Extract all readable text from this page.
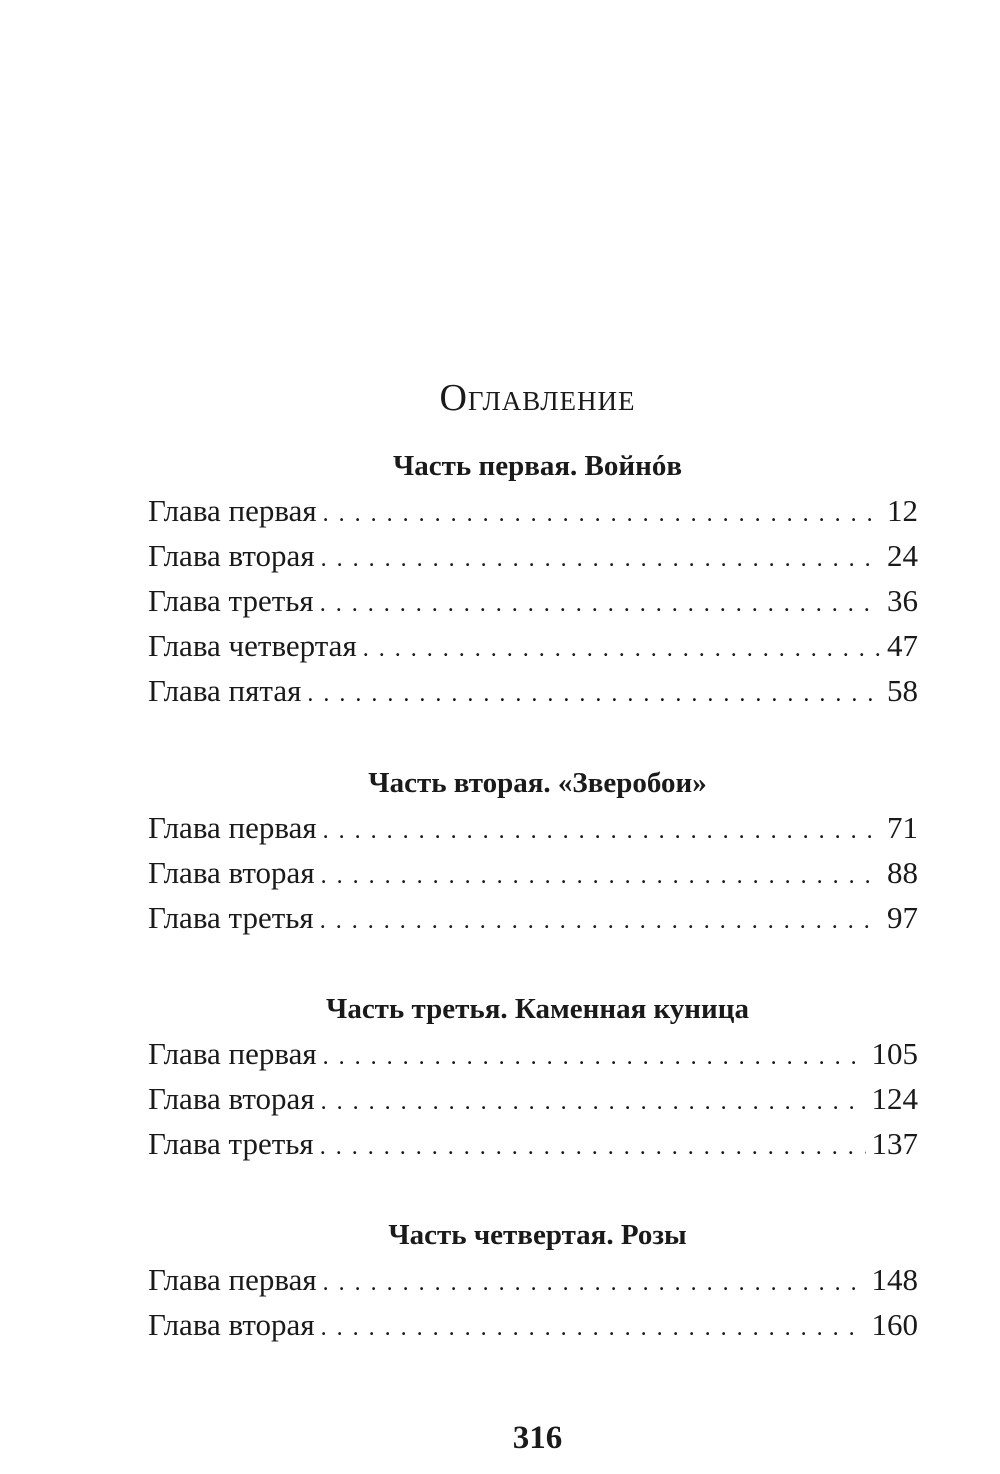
Оглавление
Часть первая. Войнóв
Глава первая . . .	12
Глава вторая . . .	24
Глава третья . . .	36
Глава четвертая . . .	47
Глава пятая . . .	58
Часть вторая. «Зверобои»
Глава первая . . .	71
Глава вторая . . .	88
Глава третья . . .	97
Часть третья. Каменная куница
Глава первая . . .	105
Глава вторая . . .	124
Глава третья . . .	137
Часть четвертая. Розы
Глава первая . . .	148
Глава вторая . . .	160
316
